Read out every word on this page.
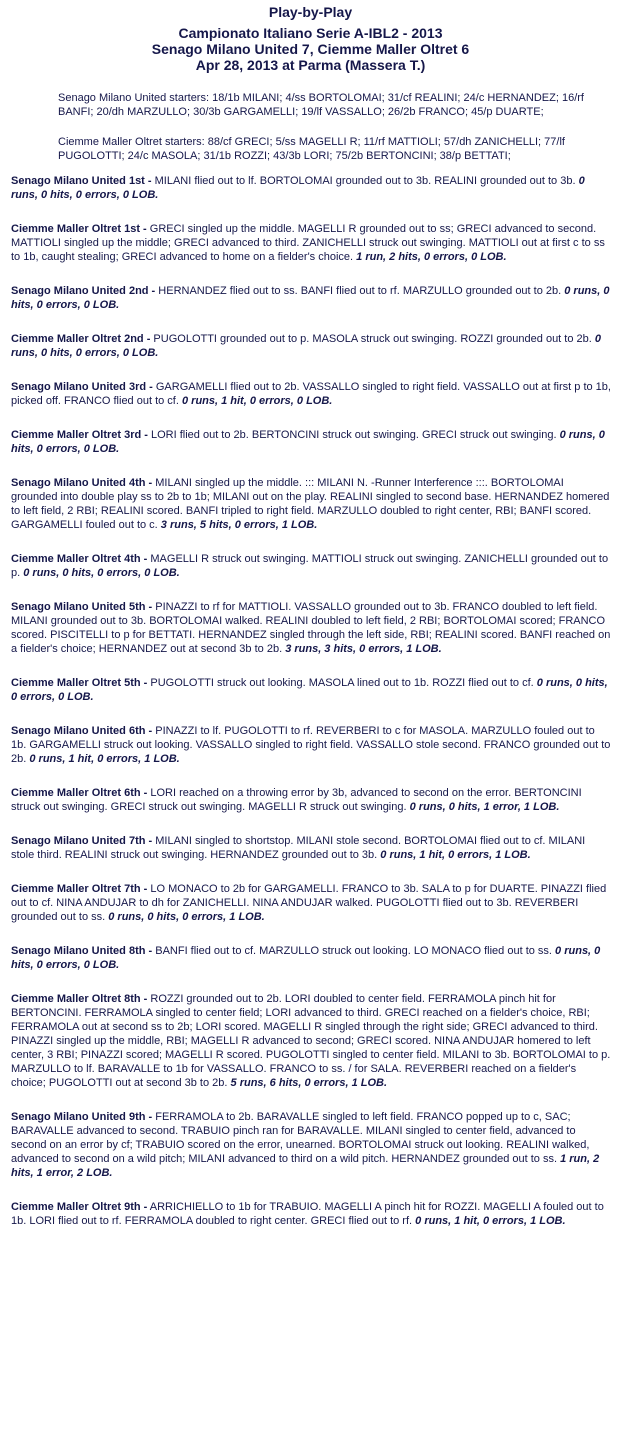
Play-by-Play
Campionato Italiano Serie A-IBL2 - 2013
Senago Milano United 7, Ciemme Maller Oltret 6
Apr 28, 2013 at Parma (Massera T.)
Senago Milano United starters: 18/1b MILANI; 4/ss BORTOLOMAI; 31/cf REALINI; 24/c HERNANDEZ; 16/rf BANFI; 20/dh MARZULLO; 30/3b GARGAMELLI; 19/lf VASSALLO; 26/2b FRANCO; 45/p DUARTE;
Ciemme Maller Oltret starters: 88/cf GRECI; 5/ss MAGELLI R; 11/rf MATTIOLI; 57/dh ZANICHELLI; 77/lf PUGOLOTTI; 24/c MASOLA; 31/1b ROZZI; 43/3b LORI; 75/2b BERTONCINI; 38/p BETTATI;

Senago Milano United 1st - MILANI flied out to lf. BORTOLOMAI grounded out to 3b. REALINI grounded out to 3b. 0 runs, 0 hits, 0 errors, 0 LOB.

Ciemme Maller Oltret 1st - GRECI singled up the middle. MAGELLI R grounded out to ss; GRECI advanced to second. MATTIOLI singled up the middle; GRECI advanced to third. ZANICHELLI struck out swinging. MATTIOLI out at first c to ss to 1b, caught stealing; GRECI advanced to home on a fielder's choice. 1 run, 2 hits, 0 errors, 0 LOB.

Senago Milano United 2nd - HERNANDEZ flied out to ss. BANFI flied out to rf. MARZULLO grounded out to 2b. 0 runs, 0 hits, 0 errors, 0 LOB.

Ciemme Maller Oltret 2nd - PUGOLOTTI grounded out to p. MASOLA struck out swinging. ROZZI grounded out to 2b. 0 runs, 0 hits, 0 errors, 0 LOB.

Senago Milano United 3rd - GARGAMELLI flied out to 2b. VASSALLO singled to right field. VASSALLO out at first p to 1b, picked off. FRANCO flied out to cf. 0 runs, 1 hit, 0 errors, 0 LOB.

Ciemme Maller Oltret 3rd - LORI flied out to 2b. BERTONCINI struck out swinging. GRECI struck out swinging. 0 runs, 0 hits, 0 errors, 0 LOB.

Senago Milano United 4th - MILANI singled up the middle. ::: MILANI N. -Runner Interference :::. BORTOLOMAI grounded into double play ss to 2b to 1b; MILANI out on the play. REALINI singled to second base. HERNANDEZ homered to left field, 2 RBI; REALINI scored. BANFI tripled to right field. MARZULLO doubled to right center, RBI; BANFI scored. GARGAMELLI fouled out to c. 3 runs, 5 hits, 0 errors, 1 LOB.

Ciemme Maller Oltret 4th - MAGELLI R struck out swinging. MATTIOLI struck out swinging. ZANICHELLI grounded out to p. 0 runs, 0 hits, 0 errors, 0 LOB.

Senago Milano United 5th - PINAZZI to rf for MATTIOLI. VASSALLO grounded out to 3b. FRANCO doubled to left field. MILANI grounded out to 3b. BORTOLOMAI walked. REALINI doubled to left field, 2 RBI; BORTOLOMAI scored; FRANCO scored. PISCITELLI to p for BETTATI. HERNANDEZ singled through the left side, RBI; REALINI scored. BANFI reached on a fielder's choice; HERNANDEZ out at second 3b to 2b. 3 runs, 3 hits, 0 errors, 1 LOB.

Ciemme Maller Oltret 5th - PUGOLOTTI struck out looking. MASOLA lined out to 1b. ROZZI flied out to cf. 0 runs, 0 hits, 0 errors, 0 LOB.

Senago Milano United 6th - PINAZZI to lf. PUGOLOTTI to rf. REVERBERI to c for MASOLA. MARZULLO fouled out to 1b. GARGAMELLI struck out looking. VASSALLO singled to right field. VASSALLO stole second. FRANCO grounded out to 2b. 0 runs, 1 hit, 0 errors, 1 LOB.

Ciemme Maller Oltret 6th - LORI reached on a throwing error by 3b, advanced to second on the error. BERTONCINI struck out swinging. GRECI struck out swinging. MAGELLI R struck out swinging. 0 runs, 0 hits, 1 error, 1 LOB.

Senago Milano United 7th - MILANI singled to shortstop. MILANI stole second. BORTOLOMAI flied out to cf. MILANI stole third. REALINI struck out swinging. HERNANDEZ grounded out to 3b. 0 runs, 1 hit, 0 errors, 1 LOB.

Ciemme Maller Oltret 7th - LO MONACO to 2b for GARGAMELLI. FRANCO to 3b. SALA to p for DUARTE. PINAZZI flied out to cf. NINA ANDUJAR to dh for ZANICHELLI. NINA ANDUJAR walked. PUGOLOTTI flied out to 3b. REVERBERI grounded out to ss. 0 runs, 0 hits, 0 errors, 1 LOB.

Senago Milano United 8th - BANFI flied out to cf. MARZULLO struck out looking. LO MONACO flied out to ss. 0 runs, 0 hits, 0 errors, 0 LOB.

Ciemme Maller Oltret 8th - ROZZI grounded out to 2b. LORI doubled to center field. FERRAMOLA pinch hit for BERTONCINI. FERRAMOLA singled to center field; LORI advanced to third. GRECI reached on a fielder's choice, RBI; FERRAMOLA out at second ss to 2b; LORI scored. MAGELLI R singled through the right side; GRECI advanced to third. PINAZZI singled up the middle, RBI; MAGELLI R advanced to second; GRECI scored. NINA ANDUJAR homered to left center, 3 RBI; PINAZZI scored; MAGELLI R scored. PUGOLOTTI singled to center field. MILANI to 3b. BORTOLOMAI to p. MARZULLO to lf. BARAVALLE to 1b for VASSALLO. FRANCO to ss. / for SALA. REVERBERI reached on a fielder's choice; PUGOLOTTI out at second 3b to 2b. 5 runs, 6 hits, 0 errors, 1 LOB.

Senago Milano United 9th - FERRAMOLA to 2b. BARAVALLE singled to left field. FRANCO popped up to c, SAC; BARAVALLE advanced to second. TRABUIO pinch ran for BARAVALLE. MILANI singled to center field, advanced to second on an error by cf; TRABUIO scored on the error, unearned. BORTOLOMAI struck out looking. REALINI walked, advanced to second on a wild pitch; MILANI advanced to third on a wild pitch. HERNANDEZ grounded out to ss. 1 run, 2 hits, 1 error, 2 LOB.

Ciemme Maller Oltret 9th - ARRICHIELLO to 1b for TRABUIO. MAGELLI A pinch hit for ROZZI. MAGELLI A fouled out to 1b. LORI flied out to rf. FERRAMOLA doubled to right center. GRECI flied out to rf. 0 runs, 1 hit, 0 errors, 1 LOB.
